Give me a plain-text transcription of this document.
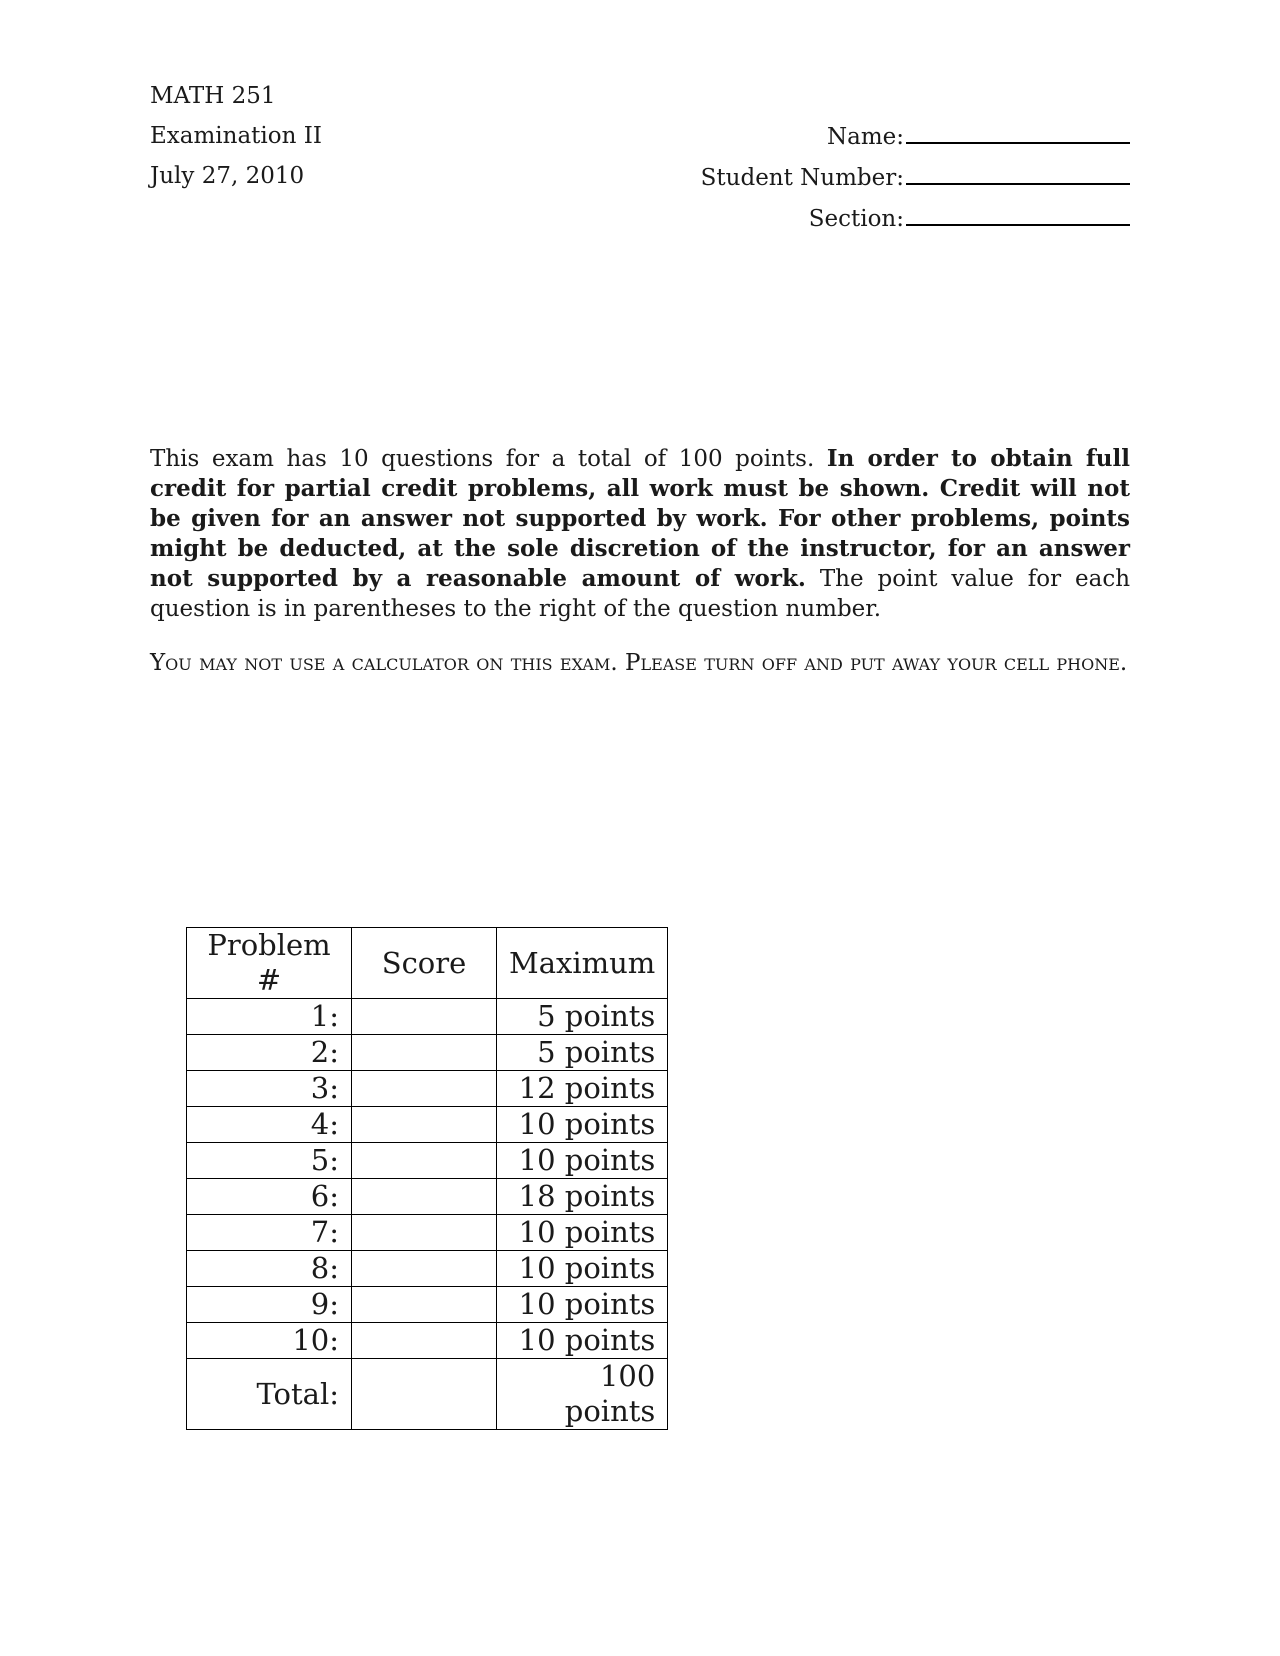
MATH 251
Examination II
July 27, 2010
Name:
Student Number:
Section:
This exam has 10 questions for a total of 100 points. In order to obtain full credit for partial credit problems, all work must be shown. Credit will not be given for an answer not supported by work. For other problems, points might be deducted, at the sole discretion of the instructor, for an answer not supported by a reasonable amount of work. The point value for each question is in parentheses to the right of the question number.
You may not use a calculator on this exam. Please turn off and put away your cell phone.
Problem #	Score	Maximum
1:		5 points
2:		5 points
3:		12 points
4:		10 points
5:		10 points
6:		18 points
7:		10 points
8:		10 points
9:		10 points
10:		10 points
Total:		100 points
